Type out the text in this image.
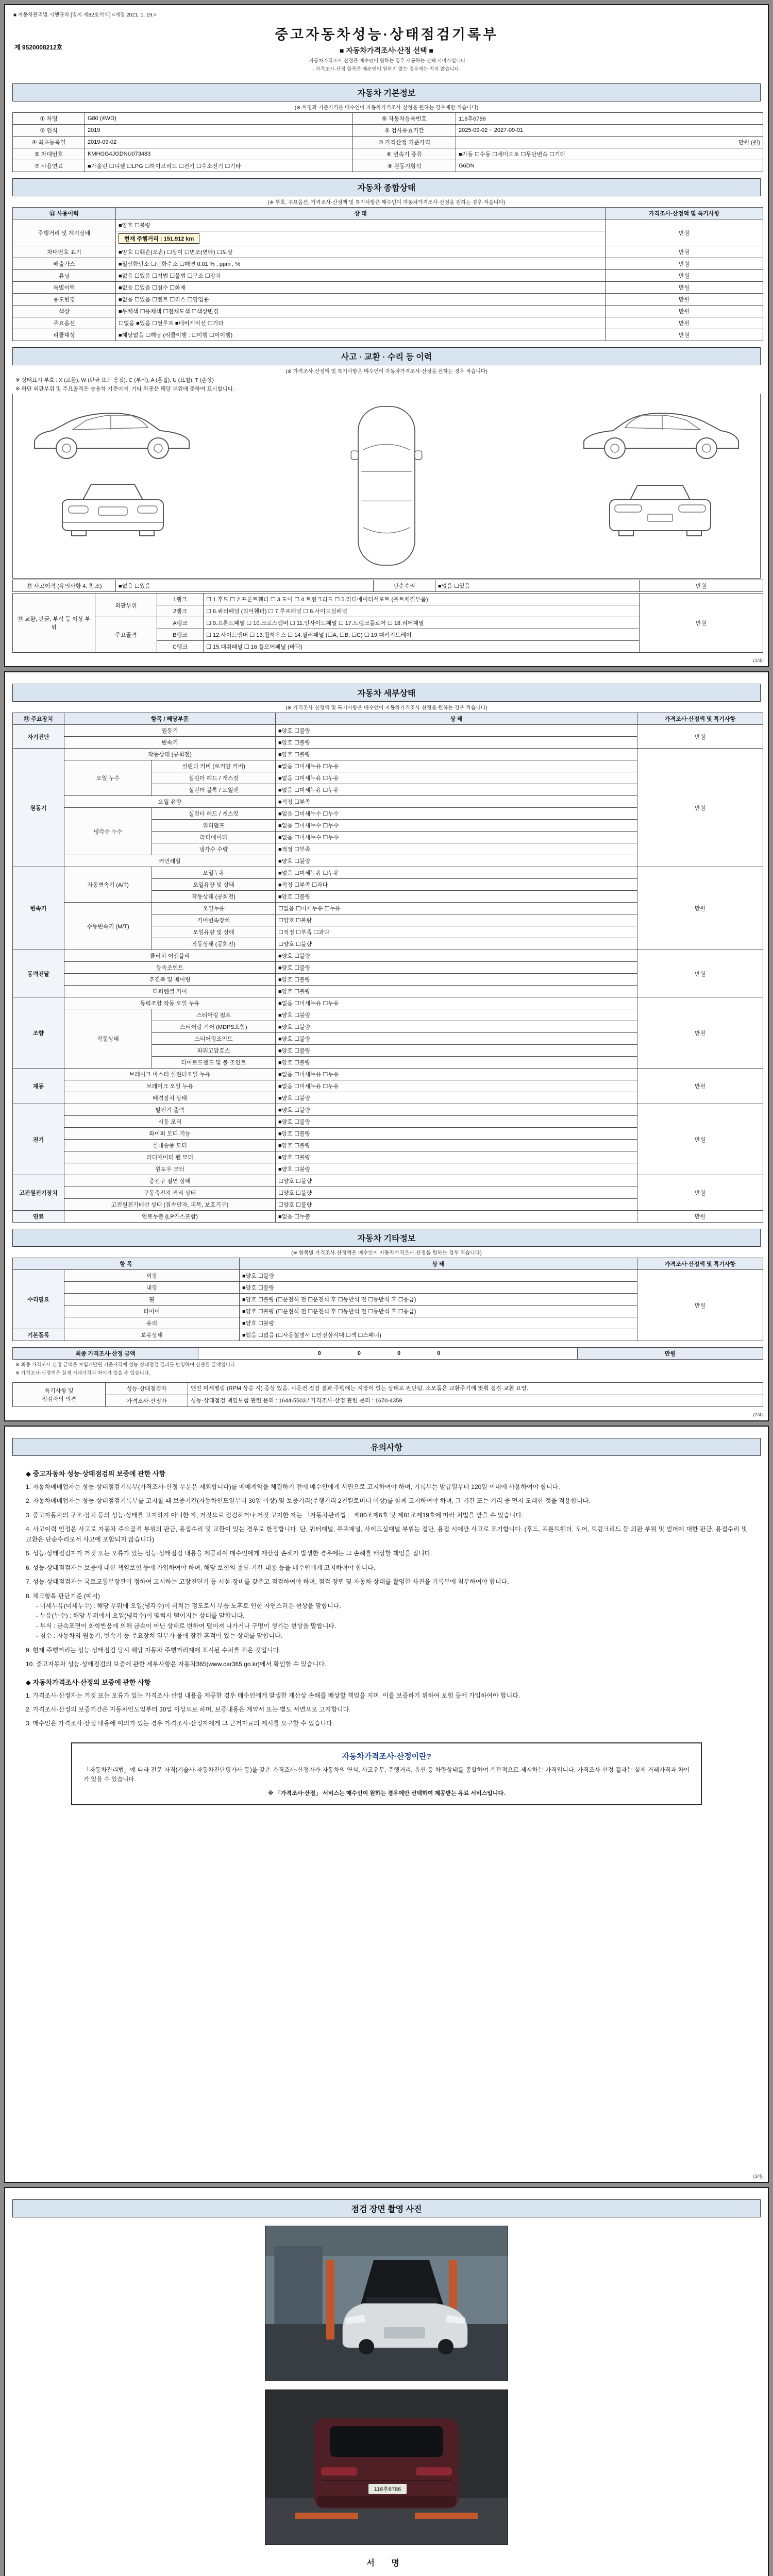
■ 자동차관리법 시행규칙 [별지 제82호서식] <개정 2021. 1. 19.>
제 9520008212호
중고자동차성능·상태점검기록부
■ 자동차가격조사·산정 선택 ■
· 자동차가격조사·산정은 매수인이 원하는 경우 제공하는 선택 서비스입니다.
· 가격조사·산정 항목은 매수인이 원하지 않는 경우에는 적지 않습니다.
자동차 기본정보
(※ 차명과 기준가격은 매수인이 자동차가격조사·산정을 원하는 경우에만 적습니다)
① 차명	G80 (4WD)	⑨ 자동차등록번호	116후6786
② 연식	2019	③ 검사유효기간	2025-09-02 ~ 2027-09-01
④ 최초등록일	2019-09-02	⑩ 가격산정 기준가격	만원 (원)
⑤ 차대번호	KMHGG4JGDNU073483	⑥ 변속기 종류	■자동 ☐수동 ☐세미오토 ☐무단변속 ☐기타
⑦ 사용연료	■가솔린 ☐디젤 ☐LPG ☐하이브리드 ☐전기 ☐수소전기 ☐기타	⑧ 원동기형식	G6DN
자동차 종합상태
(※ 부호, 주요옵션, 가격조사·산정액 및 특기사항은 매수인이 자동차가격조사·산정을 원하는 경우 적습니다)
⑪ 사용이력	상 태	가격조사·산정액 및 특기사항
주행거리 및 계기상태	■양호 ☐불량	만원
	현재 주행거리 : 151,912 km	
차대번호 표기	■양호 ☐훼손(오손) ☐상이 ☐변조(변타) ☐도말	만원
배출가스	■일산화탄소 ☐탄화수소 ☐매연 0.01 % , ppm , %	만원
튜닝	■없음 ☐있음 ☐적법 ☐불법 ☐구조 ☐장치	만원
특별이력	■없음 ☐있음 ☐침수 ☐화재	만원
용도변경	■없음 ☐있음 ☐렌트 ☐리스 ☐영업용	만원
색상	■무채색 ☐유채색 ☐전체도색 ☐색상변경	만원
주요옵션	☐없음 ■있음 ☐썬루프 ■네비게이션 ☐기타	만원
리콜대상	■해당없음 ☐해당 (리콜이행 : ☐이행 ☐미이행)	만원
사고 · 교환 · 수리 등 이력
(※ 가격조사·산정액 및 특기사항은 매수인이 자동차가격조사·산정을 원하는 경우 적습니다)
※ 상태표시 부호 : X (교환), W (판금 또는 용접), C (부식), A (흠집), U (요철), T (손상)
※ 하단 외판부위 및 주요골격은 승용차 기준이며, 기타 차종은 해당 부위에 준하여 표시합니다.
⑫ 사고이력 (유의사항 4. 참조)	■없음 ☐있음	단순수리	■없음 ☐있음	만원
⑬ 교환, 판금, 부식 등 이상 부위	외판부위	1랭크	☐ 1.후드 ☐ 2.프론트휀더 ☐ 3.도어 ☐ 4.트렁크리드 ☐ 5.라디에이터서포트 (볼트체결부품)	만원
		2랭크	☐ 6.쿼터패널 (리어휀더) ☐ 7.루프패널 ☐ 8.사이드실패널	
	주요골격	A랭크	☐ 9.프론트패널 ☐ 10.크로스멤버 ☐ 11.인사이드패널 ☐ 17.트렁크플로어 ☐ 18.리어패널	
		B랭크	☐ 12.사이드멤버 ☐ 13.휠하우스 ☐ 14.필러패널 (☐A, ☐B, ☐C) ☐ 19.패키지트레이	
		C랭크	☐ 15.대쉬패널 ☐ 16.플로어패널 (바닥)	
(1/4)
자동차 세부상태
(※ 가격조사·산정액 및 특기사항은 매수인이 자동차가격조사·산정을 원하는 경우 적습니다)
⑭ 주요장치	항목 / 해당부품		상 태	가격조사·산정액 및 특기사항
자기진단	원동기		■양호 ☐불량	만원
	변속기		■양호 ☐불량	
원동기	작동상태 (공회전)		■양호 ☐불량	만원
	오일 누수	실린더 커버 (로커암 커버)	■없음 ☐미세누유 ☐누유	
		실린더 헤드 / 개스킷	■없음 ☐미세누유 ☐누유	
		실린더 블록 / 오일팬	■없음 ☐미세누유 ☐누유	
	오일 유량		■적정 ☐부족	
	냉각수 누수	실린더 헤드 / 개스킷	■없음 ☐미세누수 ☐누수	
		워터펌프	■없음 ☐미세누수 ☐누수	
		라디에이터	■없음 ☐미세누수 ☐누수	
		냉각수 수량	■적정 ☐부족	
	커먼레일		■양호 ☐불량	
변속기	자동변속기 (A/T)	오일누유	■없음 ☐미세누유 ☐누유	만원
		오일유량 및 상태	■적정 ☐부족 ☐과다	
		작동상태 (공회전)	■양호 ☐불량	
	수동변속기 (M/T)	오일누유	☐없음 ☐미세누유 ☐누유	
		기어변속장치	☐양호 ☐불량	
		오일유량 및 상태	☐적정 ☐부족 ☐과다	
		작동상태 (공회전)	☐양호 ☐불량	
동력전달	클러치 어셈블리		■양호 ☐불량	만원
	등속조인트		■양호 ☐불량	
	추진축 및 베어링		■양호 ☐불량	
	디퍼렌셜 기어		■양호 ☐불량	
조향	동력조향 작동 오일 누유		■없음 ☐미세누유 ☐누유	만원
	작동상태	스티어링 펌프	■양호 ☐불량	
		스티어링 기어 (MDPS포함)	■양호 ☐불량	
		스티어링조인트	■양호 ☐불량	
		파워고압호스	■양호 ☐불량	
		타이로드엔드 및 볼 조인트	■양호 ☐불량	
제동	브레이크 마스터 실린더오일 누유		■없음 ☐미세누유 ☐누유	만원
	브레이크 오일 누유		■없음 ☐미세누유 ☐누유	
	배력장치 상태		■양호 ☐불량	
전기	발전기 출력		■양호 ☐불량	만원
	시동 모터		■양호 ☐불량	
	와이퍼 모터 기능		■양호 ☐불량	
	실내송풍 모터		■양호 ☐불량	
	라디에이터 팬 모터		■양호 ☐불량	
	윈도우 모터		■양호 ☐불량	
고전원전기장치	충전구 절연 상태		☐양호 ☐불량	만원
	구동축전지 격리 상태		☐양호 ☐불량	
	고전원전기배선 상태 (접속단자, 피복, 보호기구)		☐양호 ☐불량	
연료	연료누출 (LP가스포함)		■없음 ☐누출	만원
자동차 기타정보
(※ 항목별 가격조사·산정액은 매수인이 자동차가격조사·산정을 원하는 경우 적습니다)
항 목		상 태	가격조사·산정액 및 특기사항
수리필요	외장	■양호 ☐불량	만원
	내장	■양호 ☐불량	
	휠	■양호 ☐불량 (☐운전석 전 ☐운전석 후 ☐동반석 전 ☐동반석 후 ☐응급)	
	타이어	■양호 ☐불량 (☐운전석 전 ☐운전석 후 ☐동반석 전 ☐동반석 후 ☐응급)	
	유리	■양호 ☐불량	
기본품목	보유상태	■있음 ☐없음 (☐사용설명서 ☐안전삼각대 ☐잭 ☐스패너)	
최종 가격조사·산정 금액	0 0 0 0	만원
※ 최종 가격조사·산정 금액은 보험개발원 기준가격에 성능·상태점검 결과를 반영하여 산출한 금액입니다.
※ 가격조사·산정액은 실제 거래가격과 차이가 있을 수 있습니다.
특기사항 및
점검자의 의견	성능·상태점검자	엔진 미세떨림 (RPM 상승 시) 증상 있음. 시운전 점검 결과 주행에는 지장이 없는 상태로 판단됨. 소모품은 교환주기에 맞춰 점검·교환 요망.
	가격조사·산정자	성능·상태점검 책임보험 관련 문의 : 1644-5503 / 가격조사·산정 관련 문의 : 1670-4359
(2/4)
유의사항
◆ 중고자동차 성능·상태점검의 보증에 관한 사항
1. 자동차매매업자는 성능·상태점검기록부(가격조사·산정 부분은 제외합니다)를 매매계약을 체결하기 전에 매수인에게 서면으로 고지하여야 하며, 기록부는 발급일부터 120일 이내에 사용하여야 합니다.
2. 자동차매매업자는 성능·상태점검기록부를 고지할 때 보증기간(자동차인도일부터 30일 이상) 및 보증거리(주행거리 2천킬로미터 이상)를 함께 고지하여야 하며, 그 기간 또는 거리 중 먼저 도래한 것을 적용합니다.
3. 중고자동차의 구조·장치 등의 성능·상태를 고지하지 아니한 자, 거짓으로 점검하거나 거짓 고지한 자는 「자동차관리법」 제80조제6호 및 제81조제19호에 따라 처벌을 받을 수 있습니다.
4. 사고이력 인정은 사고로 자동차 주요골격 부위의 판금, 용접수리 및 교환이 있는 경우로 한정합니다. 단, 쿼터패널, 루프패널, 사이드실패널 부위는 절단, 용접 시에만 사고로 표기합니다. (후드, 프론트휀더, 도어, 트렁크리드 등 외판 부위 및 범퍼에 대한 판금, 용접수리 및 교환은 단순수리로서 사고에 포함되지 않습니다)
5. 성능·상태점검자가 거짓 또는 오류가 있는 성능·상태점검 내용을 제공하여 매수인에게 재산상 손해가 발생한 경우에는 그 손해를 배상할 책임을 집니다.
6. 성능·상태점검자는 보증에 대한 책임보험 등에 가입하여야 하며, 해당 보험의 종류·기간·내용 등을 매수인에게 고지하여야 합니다.
7. 성능·상태점검자는 국토교통부장관이 정하여 고시하는 고장진단기 등 시설·장비를 갖추고 점검하여야 하며, 점검 장면 및 자동차 상태를 촬영한 사진을 기록부에 첨부하여야 합니다.
8. 체크항목 판단기준 (예시)
- 미세누유(미세누수) : 해당 부위에 오일(냉각수)이 비치는 정도로서 부품 노후로 인한 자연스러운 현상을 말합니다.
- 누유(누수) : 해당 부위에서 오일(냉각수)이 맺혀서 떨어지는 상태를 말합니다.
- 부식 : 금속표면이 화학반응에 의해 금속이 아닌 상태로 변하여 떨어져 나가거나 구멍이 생기는 현상을 말합니다.
- 침수 : 자동차의 원동기, 변속기 등 주요장치 일부가 물에 잠긴 흔적이 있는 상태를 말합니다.
9. 현재 주행거리는 성능·상태점검 당시 해당 자동차 주행거리계에 표시된 수치를 적은 것입니다.
10. 중고자동차 성능·상태점검의 보증에 관한 세부사항은 자동차365(www.car365.go.kr)에서 확인할 수 있습니다.
◆ 자동차가격조사·산정의 보증에 관한 사항
1. 가격조사·산정자는 거짓 또는 오류가 있는 가격조사·산정 내용을 제공한 경우 매수인에게 발생한 재산상 손해를 배상할 책임을 지며, 이를 보증하기 위하여 보험 등에 가입하여야 합니다.
2. 가격조사·산정의 보증기간은 자동차인도일부터 30일 이상으로 하며, 보증내용은 계약서 또는 별도 서면으로 고지합니다.
3. 매수인은 가격조사·산정 내용에 이의가 있는 경우 가격조사·산정자에게 그 근거자료의 제시를 요구할 수 있습니다.
자동차가격조사·산정이란?
「자동차관리법」에 따라 전문 자격(기술사·자동차진단평가사 등)을 갖춘 가격조사·산정자가 자동차의 연식, 사고유무, 주행거리, 옵션 등 차량상태를 종합하여 객관적으로 제시하는 가격입니다. 가격조사·산정 결과는 실제 거래가격과 차이가 있을 수 있습니다.
※ 「가격조사·산정」 서비스는 매수인이 원하는 경우에만 선택하여 제공받는 유료 서비스입니다.
(3/4)
점검 장면 촬영 사진
116후6786
서 명
